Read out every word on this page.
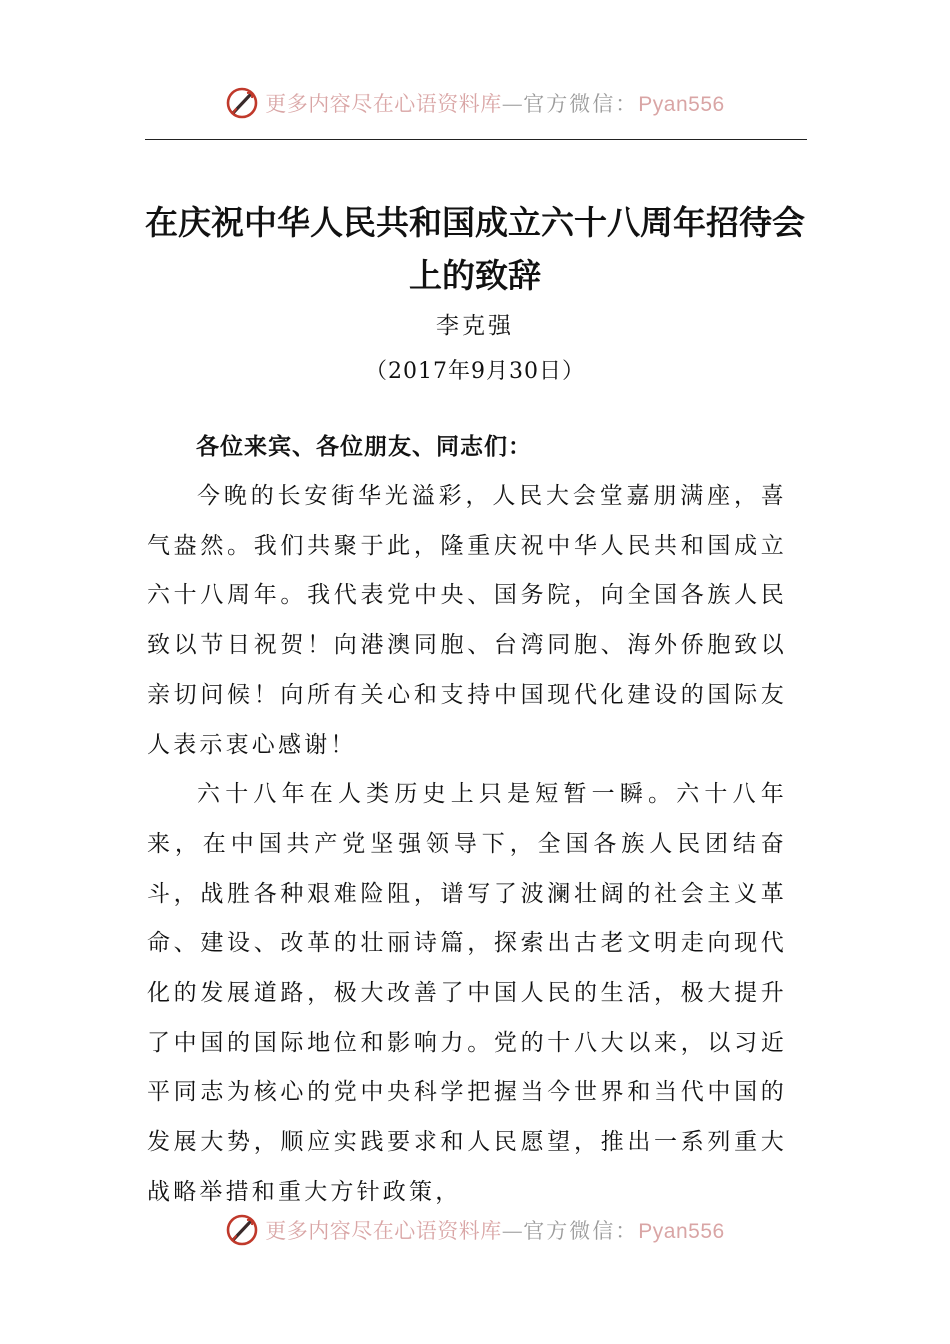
更多内容尽在心语资料库—官方微信：Pyan556
在庆祝中华人民共和国成立六十八周年招待会上的致辞
李克强
（2017年9月30日）
各位来宾、各位朋友、同志们：

今晚的长安街华光溢彩，人民大会堂嘉朋满座，喜气盎然。我们共聚于此，隆重庆祝中华人民共和国成立六十八周年。我代表党中央、国务院，向全国各族人民致以节日祝贺！向港澳同胞、台湾同胞、海外侨胞致以亲切问候！向所有关心和支持中国现代化建设的国际友人表示衷心感谢！

六十八年在人类历史上只是短暂一瞬。六十八年来，在中国共产党坚强领导下，全国各族人民团结奋斗，战胜各种艰难险阻，谱写了波澜壮阔的社会主义革命、建设、改革的壮丽诗篇，探索出古老文明走向现代化的发展道路，极大改善了中国人民的生活，极大提升了中国的国际地位和影响力。党的十八大以来，以习近平同志为核心的党中央科学把握当今世界和当代中国的发展大势，顺应实践要求和人民愿望，推出一系列重大战略举措和重大方针政策，

更多内容尽在心语资料库—官方微信：Pyan556
